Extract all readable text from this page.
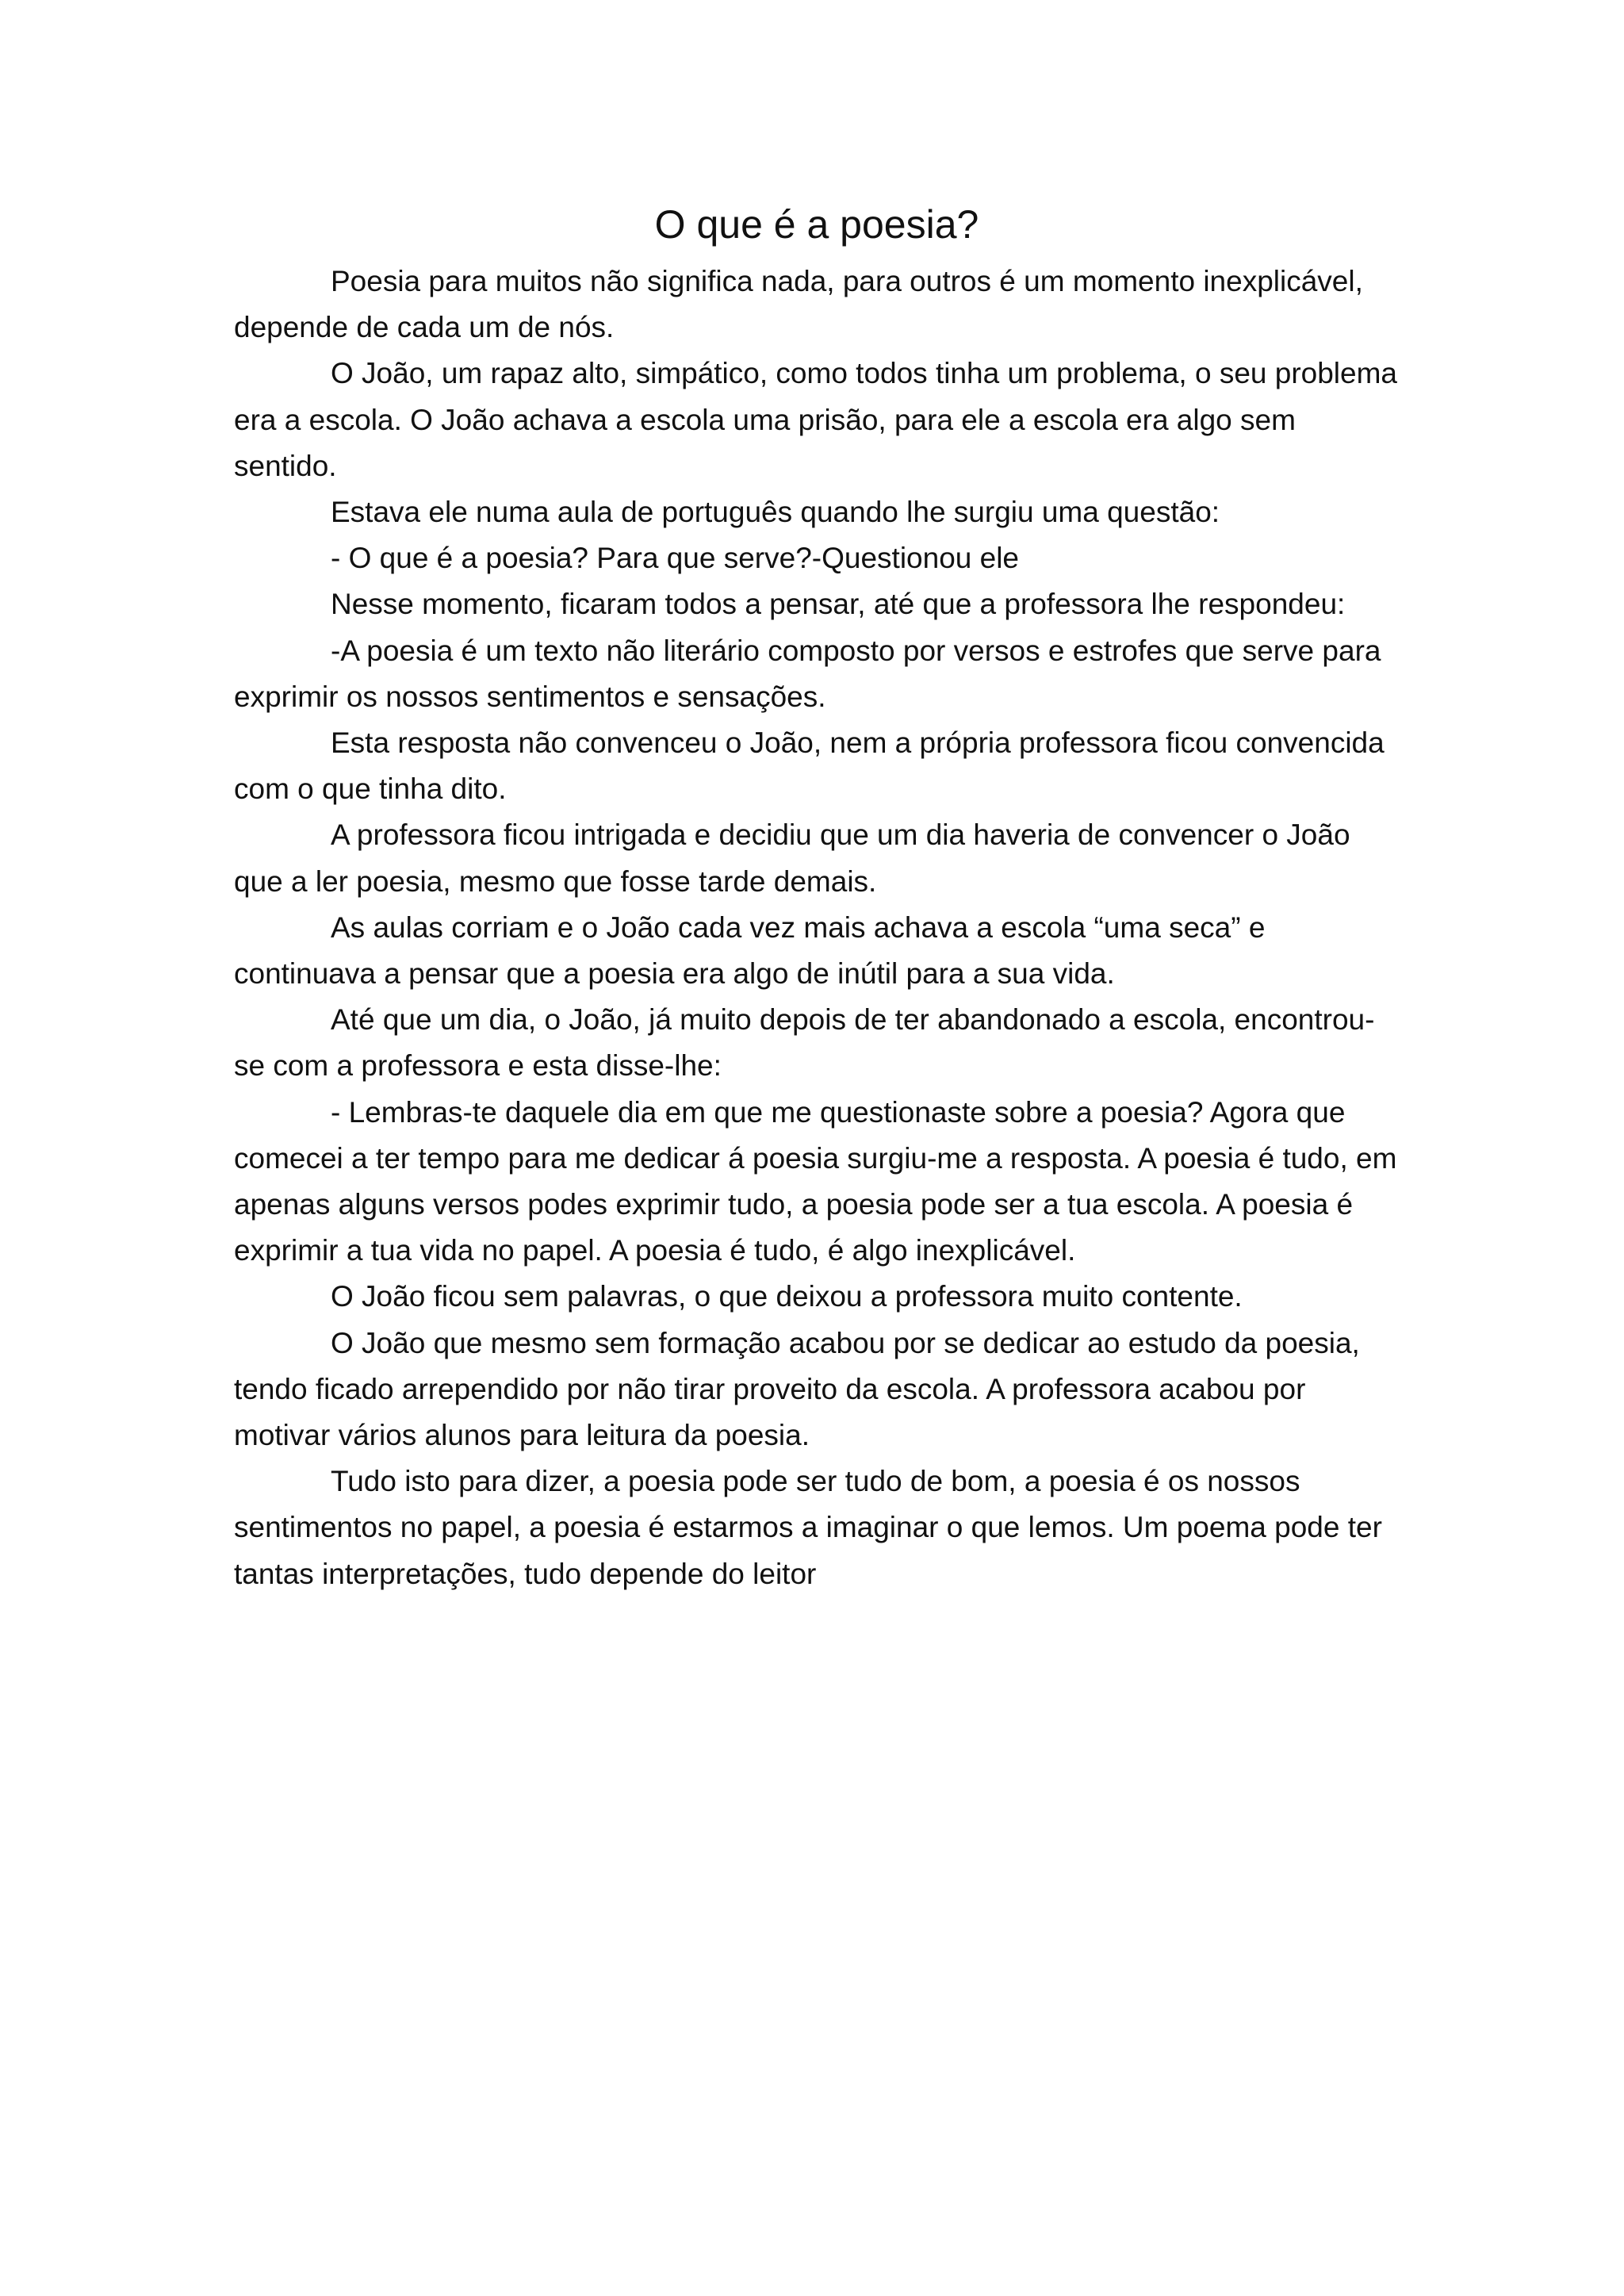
O que é a poesia?

Poesia para muitos não significa nada, para outros é um momento inexplicável, depende de cada um de nós.

O João, um rapaz alto, simpático, como todos tinha um problema, o seu problema era a escola. O João achava a escola uma prisão, para ele a escola era algo sem sentido.

Estava ele numa aula de português quando lhe surgiu uma questão:

- O que é a poesia? Para que serve?-Questionou ele

Nesse momento, ficaram todos a pensar, até que a professora lhe respondeu:

-A poesia é um texto não literário composto por versos e estrofes que serve para exprimir os nossos sentimentos e sensações.

Esta resposta não convenceu o João, nem a própria professora ficou convencida com o que tinha dito.

A professora ficou intrigada e decidiu que um dia haveria de convencer o João que a ler poesia, mesmo que fosse tarde demais.

As aulas corriam e o João cada vez mais achava a escola “uma seca” e continuava a pensar que a poesia era algo de inútil para a sua vida.

Até que um dia, o João, já muito depois de ter abandonado a escola, encontrou-se com a professora e esta disse-lhe:

- Lembras-te daquele dia em que me questionaste sobre a poesia? Agora que comecei a ter tempo para me dedicar á poesia surgiu-me a resposta. A poesia é tudo, em apenas alguns versos podes exprimir tudo, a poesia pode ser a tua escola. A poesia é exprimir a tua vida no papel. A poesia é tudo, é algo inexplicável.

O João ficou sem palavras, o que deixou a professora muito contente.

O João que mesmo sem formação acabou por se dedicar ao estudo da poesia, tendo ficado arrependido por não tirar proveito da escola. A professora acabou por motivar vários alunos para leitura da poesia.

Tudo isto para dizer, a poesia pode ser tudo de bom, a poesia é os nossos sentimentos no papel, a poesia é estarmos a imaginar o que lemos. Um poema pode ter tantas interpretações, tudo depende do leitor
